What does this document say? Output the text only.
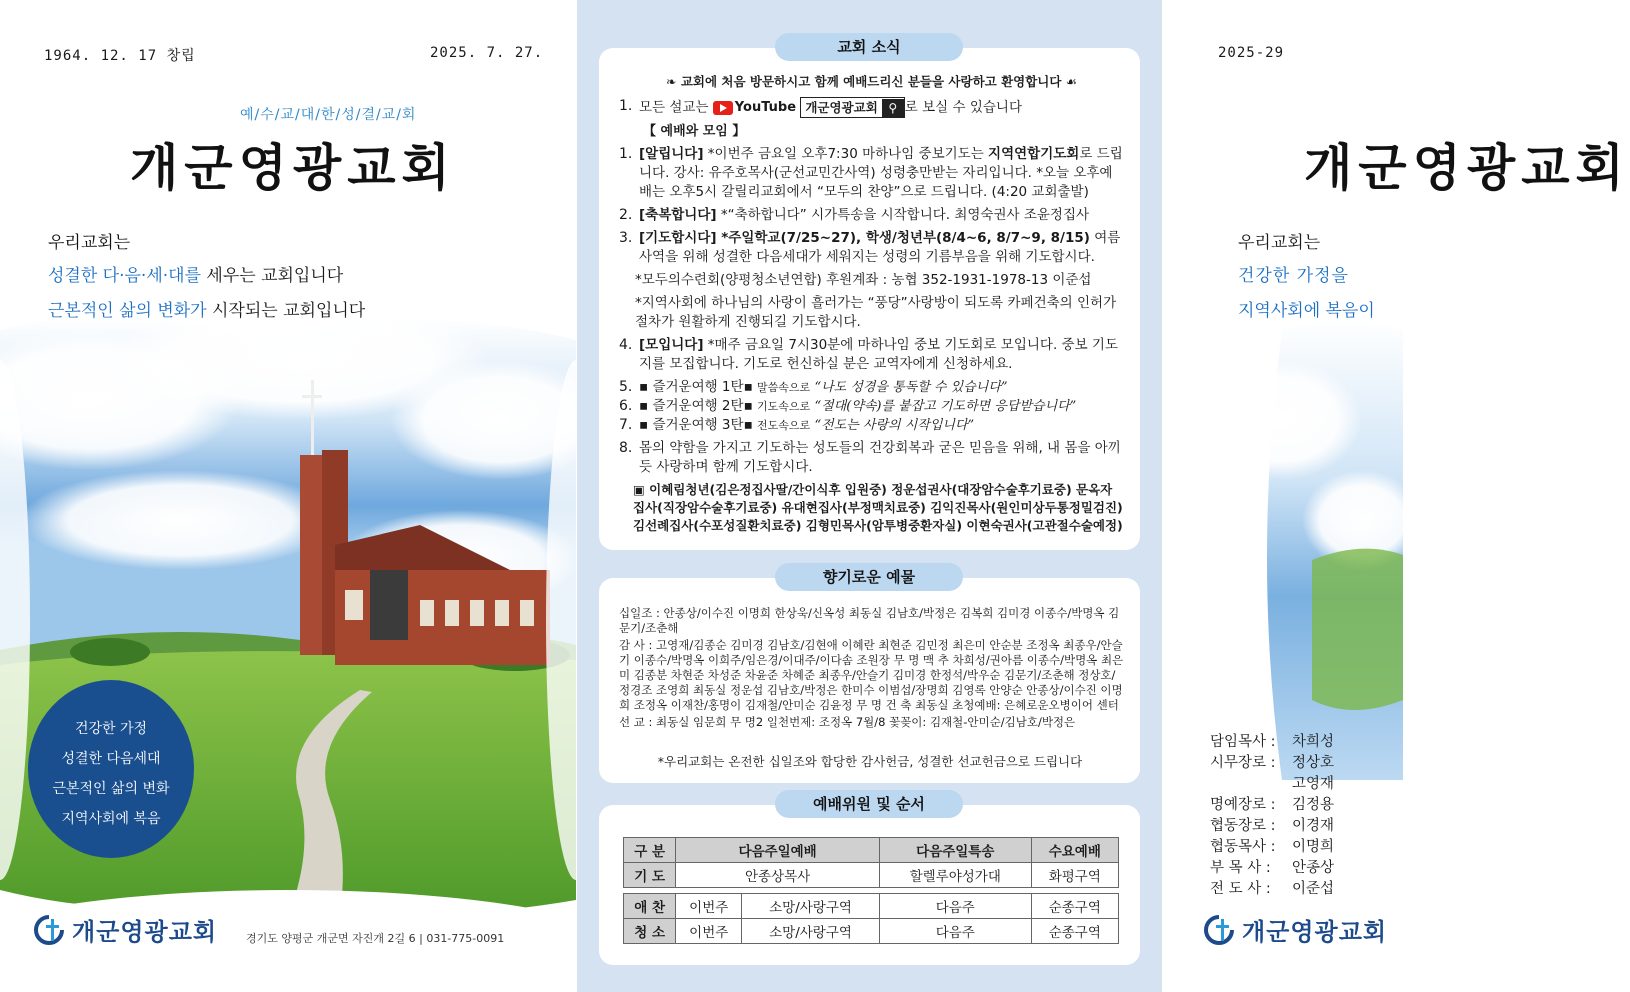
1964. 12. 17 창립	2025. 7. 27.
예/수/교/대/한/성/결/교/회
개군영광교회
우리교회는
성결한 다·음·세·대를 세우는 교회입니다
근본적인 삶의 변화가 시작되는 교회입니다
건강한 가정
성결한 다음세대
근본적인 삶의 변화
지역사회에 복음
개군영광교회	경기도 양평군 개군면 자진개 2길 6 | 031-775-0091
교회 소식
향기로운 예물
예배위원 및 순서
❧ 교회에 처음 방문하시고 함께 예배드리신 분들을 사랑하고 환영합니다 ☙
1. 모든 설교는 YouTube
개군영광교회 ⚲ 로 보실 수 있습니다
【 예배와 모임 】
1. [알립니다] *이번주 금요일 오후7:30 마하나임 중보기도는 지역연합기도회로 드립니다. 강사: 유주호목사(군선교민간사역) 성령충만받는 자리입니다. *오늘 오후예배는 오후5시 갈릴리교회에서 “모두의 찬양”으로 드립니다. (4:20 교회출발)
2. [축복합니다] *“축하합니다” 시가특송을 시작합니다. 최영숙권사 조윤정집사
3. [기도합시다] *주일학교(7/25~27), 학생/청년부(8/4~6, 8/7~9, 8/15) 여름 사역을 위해 성결한 다음세대가 세워지는 성령의 기름부음을 위해 기도합시다.
*모두의수련회(양평청소년연합) 후원계좌 : 농협 352-1931-1978-13 이준섭
*지역사회에 하나님의 사랑이 흘러가는 “풍당”사랑방이 되도록 카페건축의 인허가 절차가 원활하게 진행되길 기도합시다.
4. [모입니다] *매주 금요일 7시30분에 마하나임 중보 기도회로 모입니다. 중보 기도지를 모집합니다. 기도로 헌신하실 분은 교역자에게 신청하세요.
5. ▪ 즐거운여행 1탄▪ 말씀속으로 “나도 성경을 통독할 수 있습니다”
6. ▪ 즐거운여행 2탄▪ 기도속으로 “절대(약속)를 붙잡고 기도하면 응답받습니다”
7. ▪ 즐거운여행 3탄▪ 전도속으로 “전도는 사랑의 시작입니다”
8. 몸의 약함을 가지고 기도하는 성도들의 건강회복과 굳은 믿음을 위해, 내 몸을 아끼듯 사랑하며 함께 기도합시다.
▣ 이혜림청년(김은정집사딸/간이식후 입원중) 정운섭권사(대장암수술후기료중) 문옥자집사(직장암수술후기료중) 유대현집사(부정맥치료중) 김익진목사(원인미상두통정밀검진) 김선례집사(수포성질환치료중) 김형민목사(암투병중환자실) 이현숙권사(고관절수술예정)

십일조 : 안종상/이수진 이명희 한상욱/신옥성 최동실 김남호/박정은 김복희 김미경 이종수/박명옥 김문기/조춘해

감 사 : 고영재/김종순 김미경 김남호/김현애 이혜란 최현준 김민정 최은미 안순분 조정옥 최종우/안슬기 이종수/박명옥 이희주/임은경/이대주/이다솜 조원장 무 명 맥 추 차희성/권아름 이종수/박명옥 최은미 김종분 차현준 차성준 차윤준 차혜준 최종우/안슬기 김미경 한정석/박우순 김문기/조춘해 정상호/정경조 조영희 최동실 정운섭 김남호/박정은 한미수 이범섭/장명희 김영록 안양순 안종상/이수진 이명희 조정옥 이재찬/홍명이 김재철/안미순 김윤정 무 명 건 축 최동실 초청예배: 은혜로운오병이어 센터

선 교 : 최동실 임문희 무 명2 일천번제: 조정옥 7월/8 꽃꽂이: 김재철-안미순/김남호/박정은

*우리교회는 온전한 십일조와 합당한 감사헌금, 성결한 선교헌금으로 드립니다
구 분	다음주일예배		다음주일특송	수요예배
기 도	안종상목사		할렐루야성가대	화평구역

애 찬	이번주	소망/사랑구역	다음주	순종구역
청 소	이번주	소망/사랑구역	다음주	순종구역
2025-29
개군영광교회
우리교회는
건강한 가정을
지역사회에 복음이
담임목사 :	차희성
시무장로 :	정상호
고영재
명예장로 :	김정용
협동장로 :	이경재
협동목사 :	이명희
부 목 사 :	안종상
전 도 사 :	이준섭
개군영광교회
